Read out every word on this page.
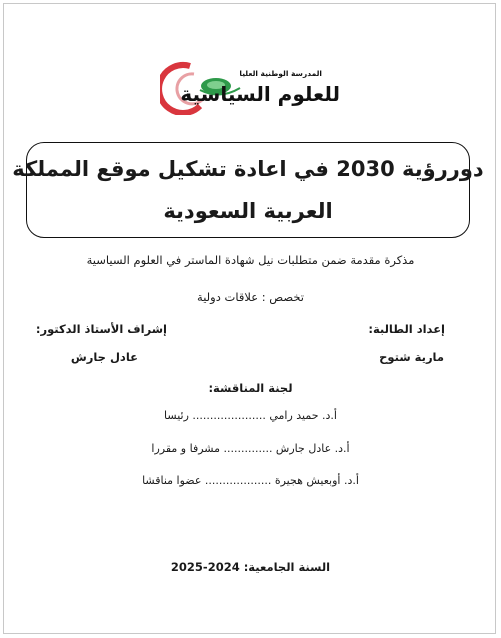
المدرسة الوطنية العليا
للعلوم السياسية
دوررؤية 2030 في اعادة تشكيل موقع المملكة
العربية السعودية
مذكرة مقدمة ضمن متطلبات نيل شهادة الماستر في العلوم السياسية
تخصص : علاقات دولية
إعداد الطالبة:
إشراف الأستاذ الدكتور:
مارية شتوح
عادل جارش
لجنة المناقشة:
أ.د. حميد رامي ..................... رئيسا
أ.د. عادل جارش .............. مشرفا و مقررا
أ.د. أوبعيش هجيرة ................... عضوا مناقشا
السنة الجامعية: 2024-2025
